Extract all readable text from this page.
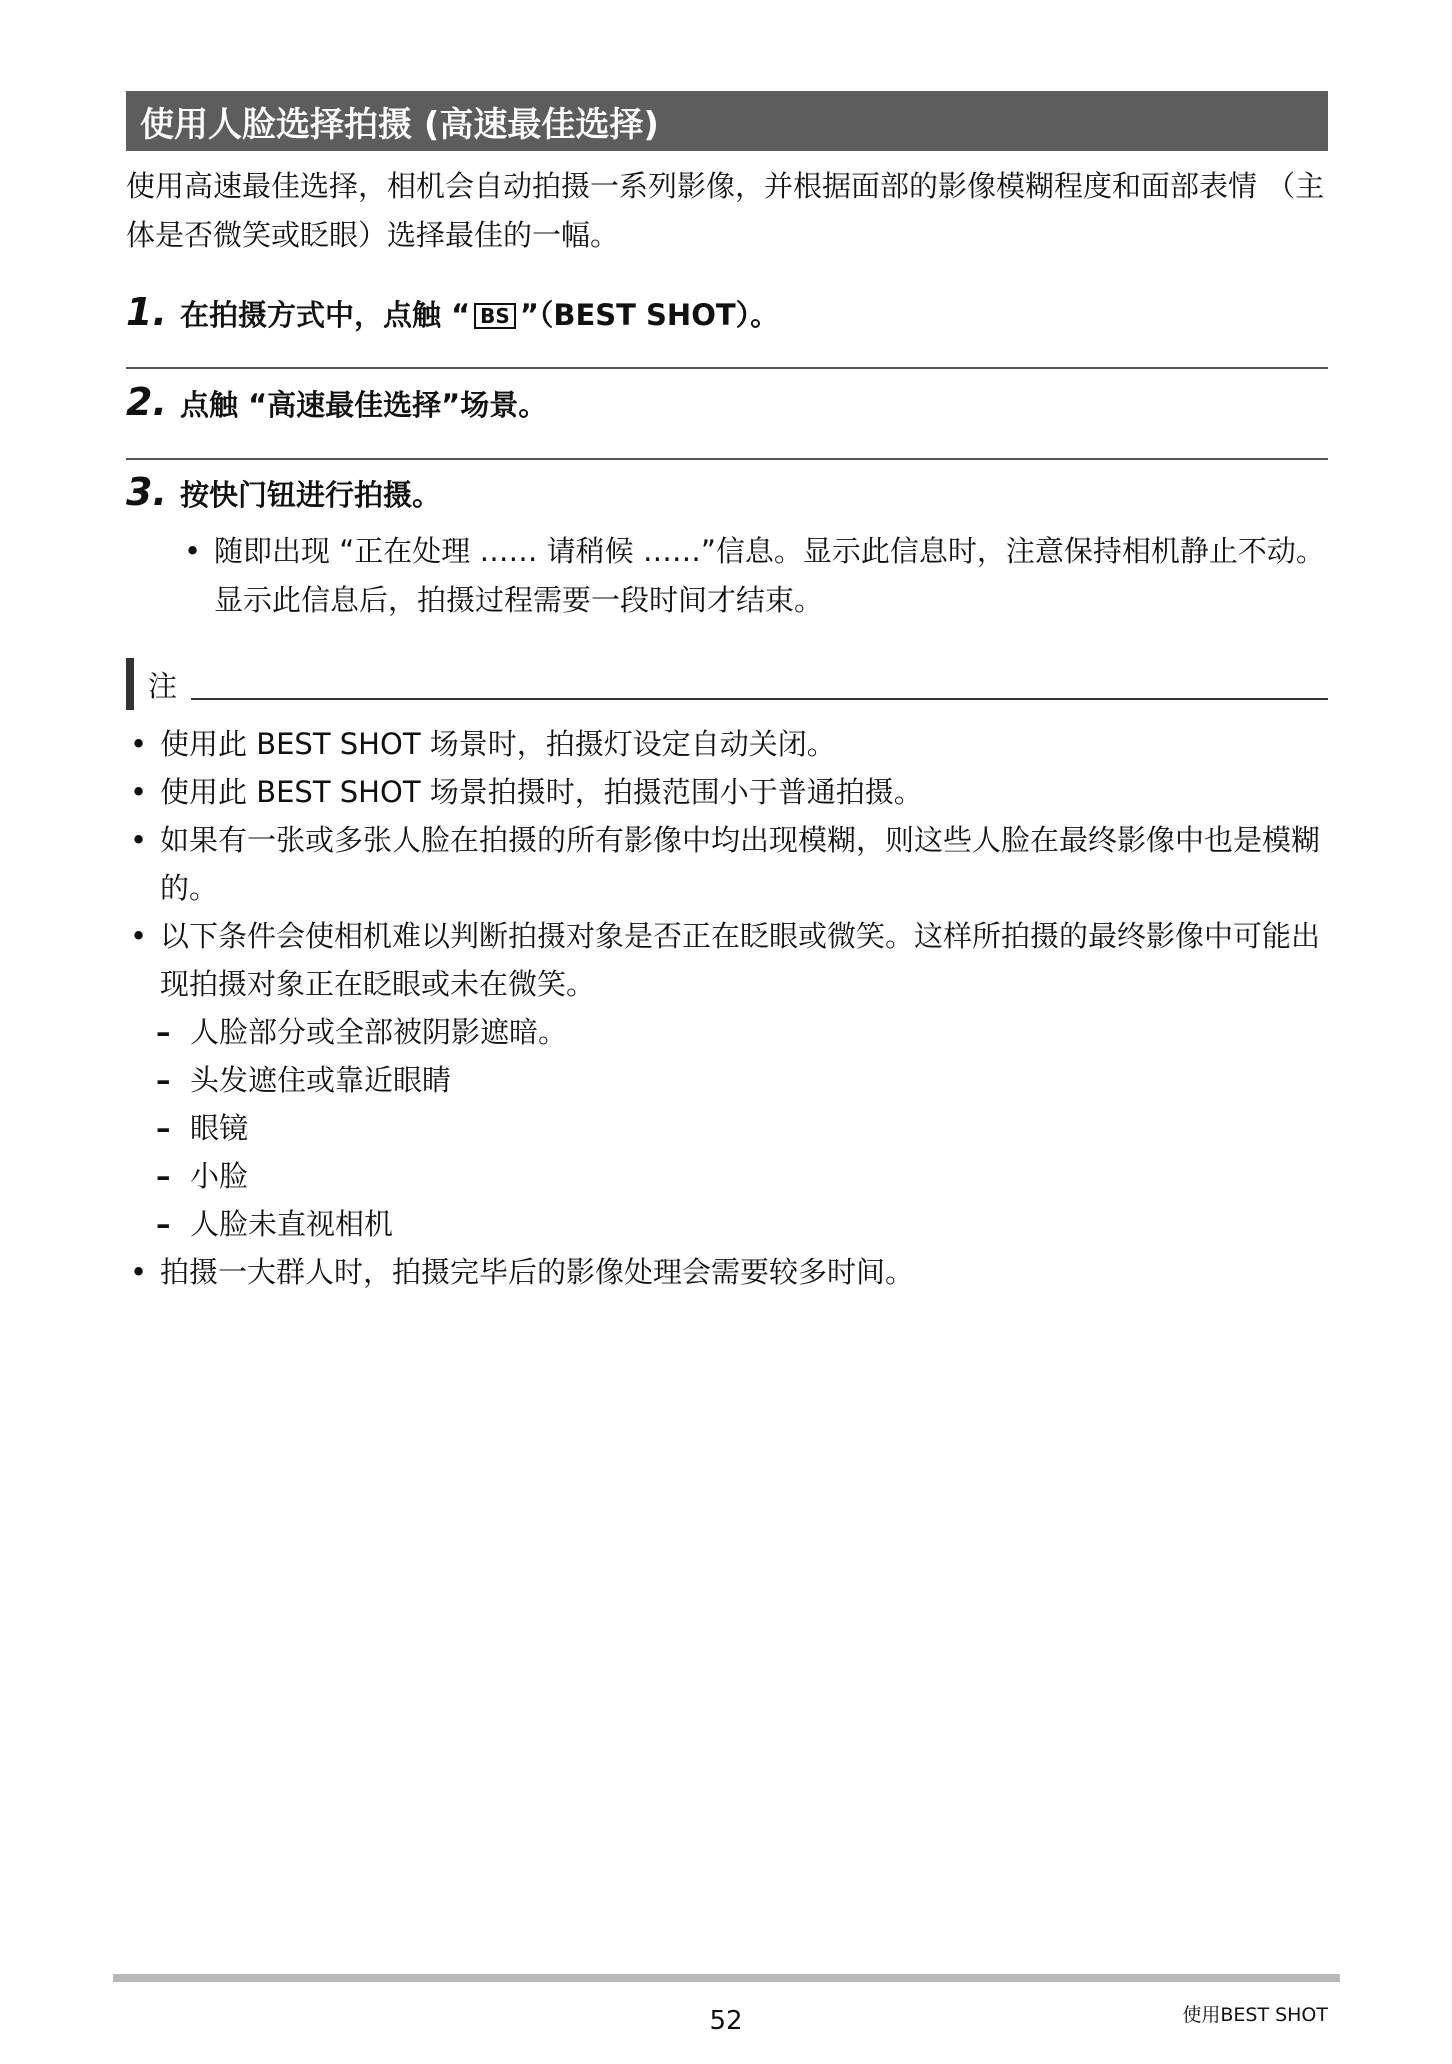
使用人脸选择拍摄 (高速最佳选择)
使用高速最佳选择，相机会自动拍摄一系列影像，并根据面部的影像模糊程度和面部表情 （主体是否微笑或眨眼）选择最佳的一幅。
1. 在拍摄方式中，点触 “ BS ”（BEST SHOT）。
2. 点触 “高速最佳选择”场景。
3. 按快门钮进行拍摄。
• 随即出现 “正在处理 …… 请稍候 ……”信息。显示此信息时，注意保持相机静止不动。显示此信息后，拍摄过程需要一段时间才结束。
注
• 使用此 BEST SHOT 场景时，拍摄灯设定自动关闭。
• 使用此 BEST SHOT 场景拍摄时，拍摄范围小于普通拍摄。
• 如果有一张或多张人脸在拍摄的所有影像中均出现模糊，则这些人脸在最终影像中也是模糊的。
• 以下条件会使相机难以判断拍摄对象是否正在眨眼或微笑。这样所拍摄的最终影像中可能出现拍摄对象正在眨眼或未在微笑。
– 人脸部分或全部被阴影遮暗。
– 头发遮住或靠近眼睛
– 眼镜
– 小脸
– 人脸未直视相机
• 拍摄一大群人时，拍摄完毕后的影像处理会需要较多时间。
52	使用BEST SHOT
